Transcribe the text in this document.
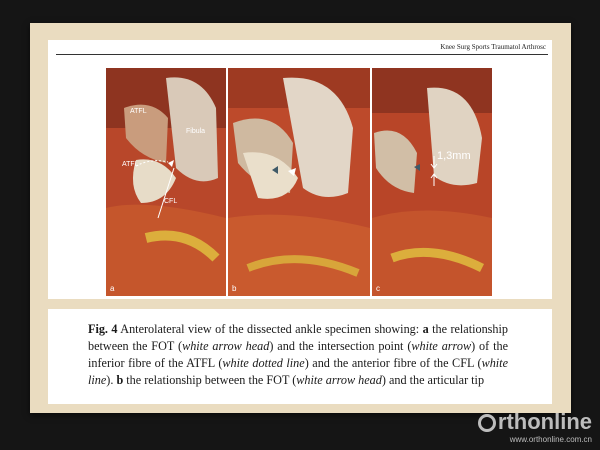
Knee Surg Sports Traumatol Arthrosc
ATFL
Fibula
ATFL
CFL
a	b
1,3mm
c
Fig. 4 Anterolateral view of the dissected ankle specimen showing: a the relationship between the FOT (white arrow head) and the intersection point (white arrow) of the inferior fibre of the ATFL (white dotted line) and the anterior fibre of the CFL (white line). b the relationship between the FOT (white arrow head) and the articular tip
rthonline
www.orthonline.com.cn
